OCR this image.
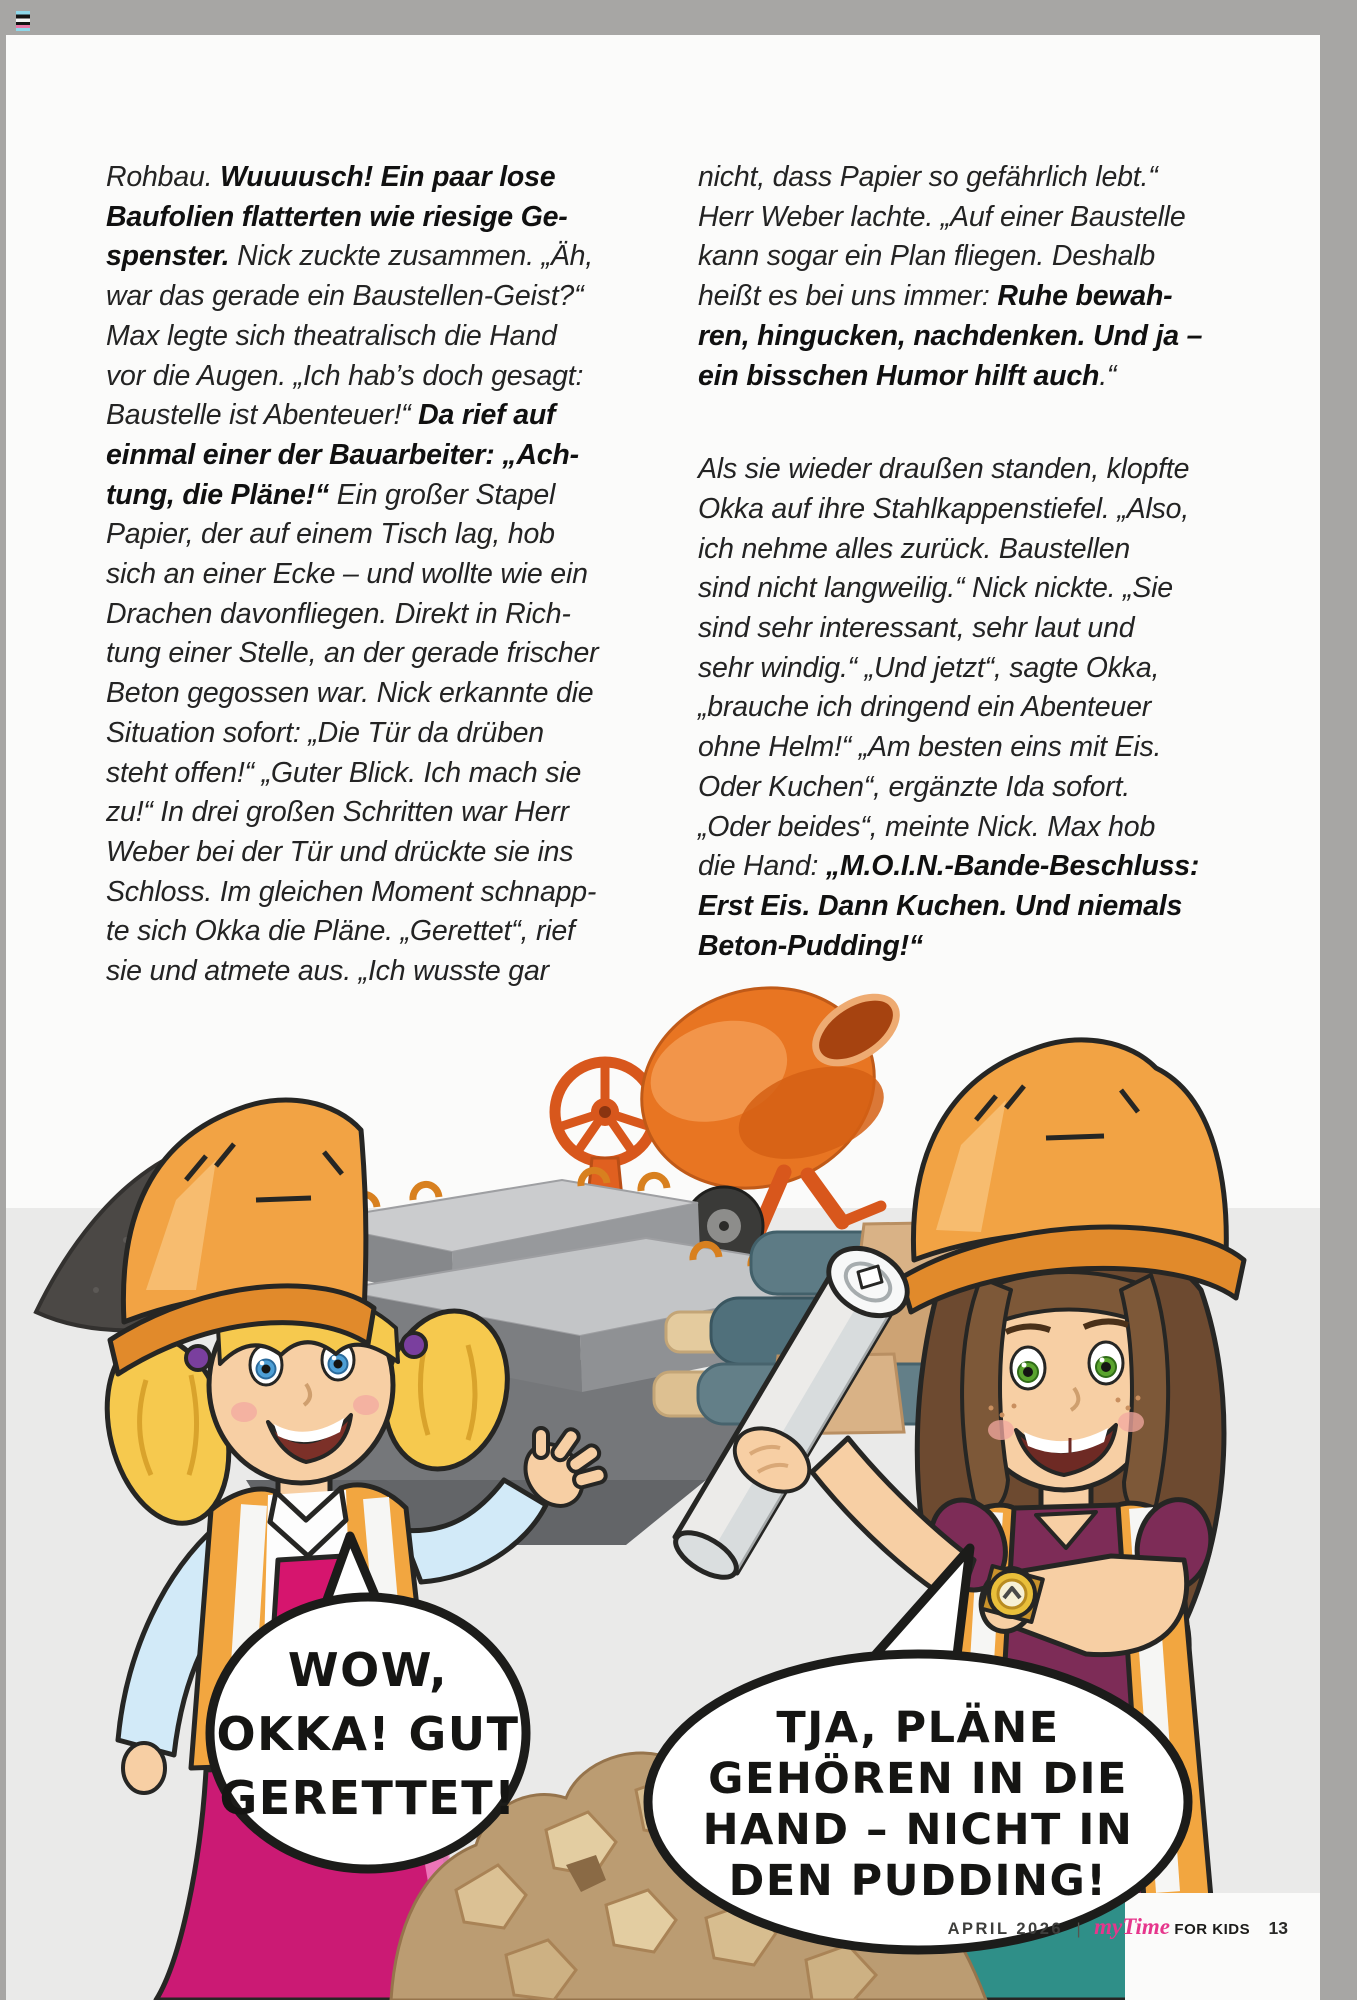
Rohbau. Wuuuusch! Ein paar lose
Baufolien flatterten wie riesige Ge-
spenster. Nick zuckte zusammen. „Äh,
war das gerade ein Baustellen-Geist?“
Max legte sich theatralisch die Hand
vor die Augen. „Ich hab’s doch gesagt:
Baustelle ist Abenteuer!“ Da rief auf
einmal einer der Bauarbeiter: „Ach-
tung, die Pläne!“ Ein großer Stapel
Papier, der auf einem Tisch lag, hob
sich an einer Ecke – und wollte wie ein
Drachen davonfliegen. Direkt in Rich-
tung einer Stelle, an der gerade frischer
Beton gegossen war. Nick erkannte die
Situation sofort: „Die Tür da drüben
steht offen!“ „Guter Blick. Ich mach sie
zu!“ In drei großen Schritten war Herr
Weber bei der Tür und drückte sie ins
Schloss. Im gleichen Moment schnapp-
te sich Okka die Pläne. „Gerettet“, rief
sie und atmete aus. „Ich wusste gar
nicht, dass Papier so gefährlich lebt.“
Herr Weber lachte. „Auf einer Baustelle
kann sogar ein Plan fliegen. Deshalb
heißt es bei uns immer: Ruhe bewah-
ren, hingucken, nachdenken. Und ja –
ein bisschen Humor hilft auch.“
Als sie wieder draußen standen, klopfte
Okka auf ihre Stahlkappenstiefel. „Also,
ich nehme alles zurück. Baustellen
sind nicht langweilig.“ Nick nickte. „Sie
sind sehr interessant, sehr laut und
sehr windig.“ „Und jetzt“, sagte Okka,
„brauche ich dringend ein Abenteuer
ohne Helm!“ „Am besten eins mit Eis.
Oder Kuchen“, ergänzte Ida sofort.
„Oder beides“, meinte Nick. Max hob
die Hand: „M.O.I.N.-Bande-Beschluss:
Erst Eis. Dann Kuchen. Und niemals
Beton-Pudding!“
WOW,
OKKA! GUT
GERETTET!
TJA, PLÄNE
GEHÖREN IN DIE
HAND – NICHT IN
DEN PUDDING!
APRIL 2026 | myTime FOR KIDS 13
